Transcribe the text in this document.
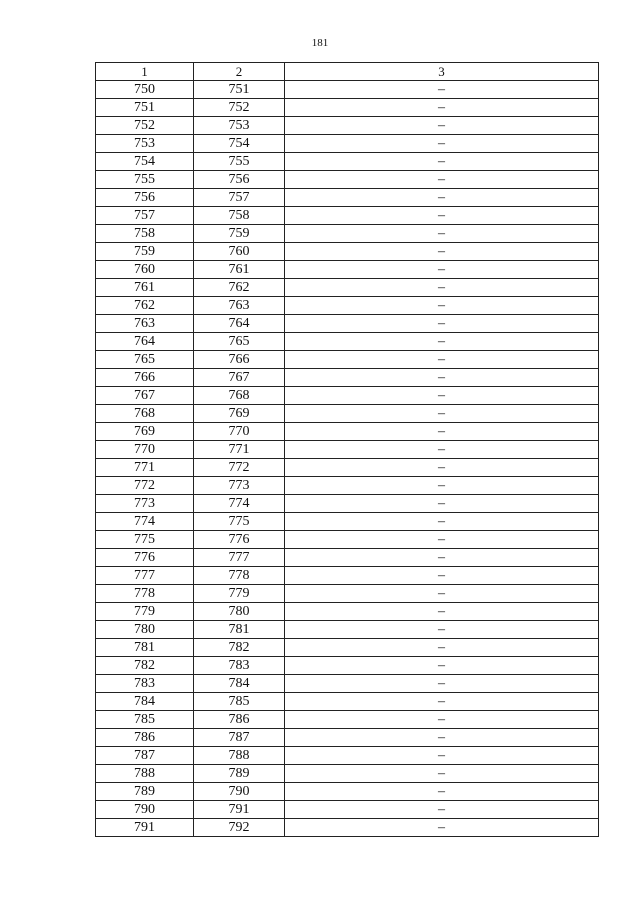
181
1	2	3
750	751	–
751	752	–
752	753	–
753	754	–
754	755	–
755	756	–
756	757	–
757	758	–
758	759	–
759	760	–
760	761	–
761	762	–
762	763	–
763	764	–
764	765	–
765	766	–
766	767	–
767	768	–
768	769	–
769	770	–
770	771	–
771	772	–
772	773	–
773	774	–
774	775	–
775	776	–
776	777	–
777	778	–
778	779	–
779	780	–
780	781	–
781	782	–
782	783	–
783	784	–
784	785	–
785	786	–
786	787	–
787	788	–
788	789	–
789	790	–
790	791	–
791	792	–
